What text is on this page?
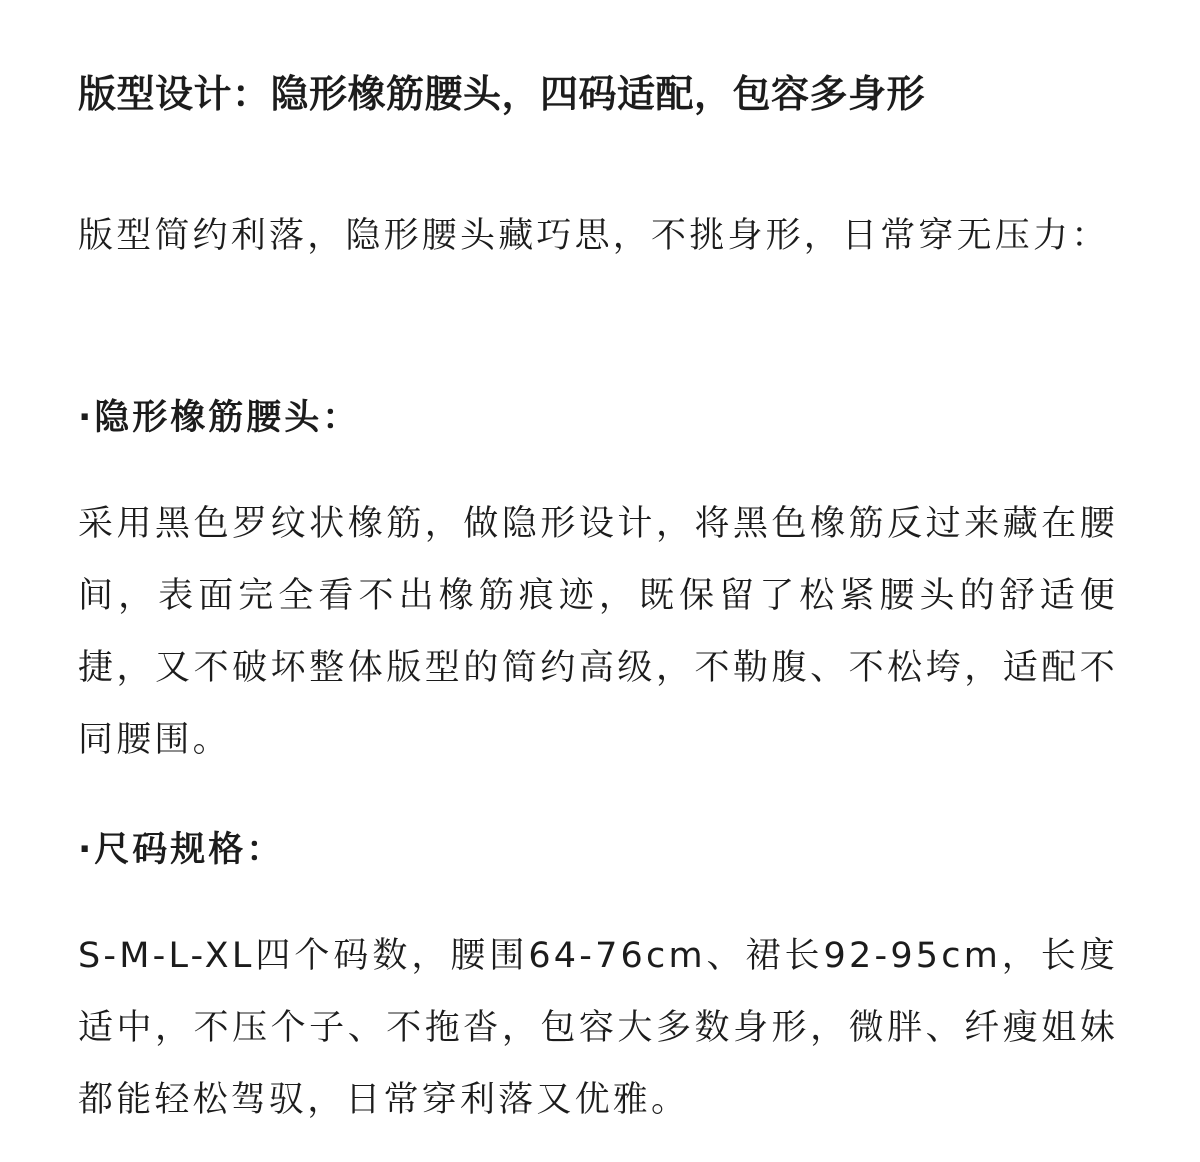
版型设计：隐形橡筋腰头，四码适配，包容多身形

版型简约利落，隐形腰头藏巧思，不挑身形，日常穿无压力：

·隐形橡筋腰头：

采用黑色罗纹状橡筋，做隐形设计，将黑色橡筋反过来藏在腰间，表面完全看不出橡筋痕迹，既保留了松紧腰头的舒适便捷，又不破坏整体版型的简约高级，不勒腹、不松垮，适配不同腰围。

·尺码规格：

S-M-L-XL四个码数，腰围64-76cm、裙长92-95cm，长度适中，不压个子、不拖沓，包容大多数身形，微胖、纤瘦姐妹都能轻松驾驭，日常穿利落又优雅。
